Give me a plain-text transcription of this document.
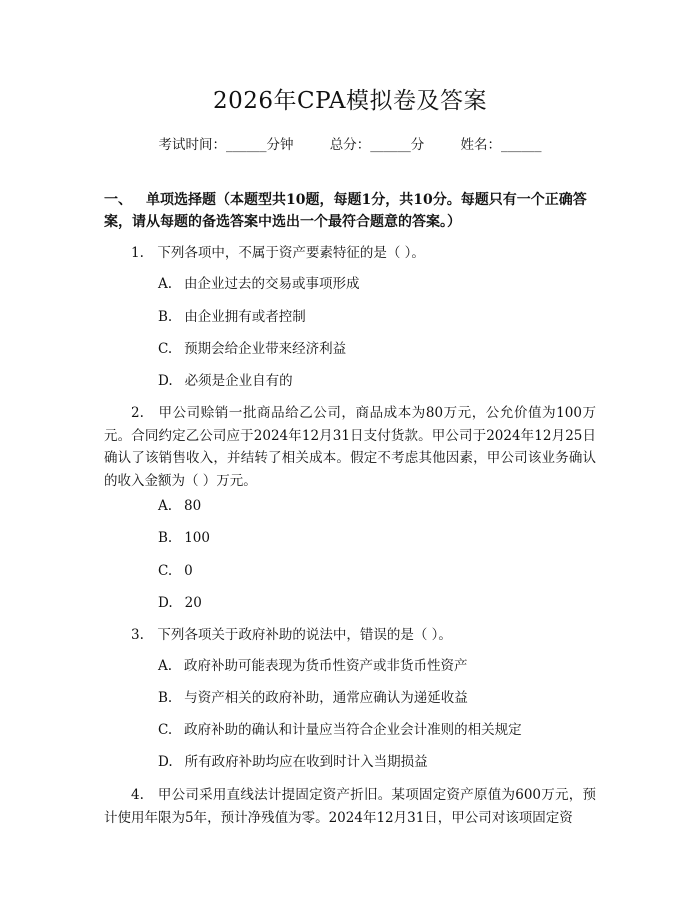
2026年CPA模拟卷及答案
考试时间：______分钟	总分：______分	姓名：______
一、 单项选择题（本题型共10题，每题1分，共10分。每题只有一个正确答案，请从每题的备选答案中选出一个最符合题意的答案。）
1.　下列各项中，不属于资产要素特征的是（ ）。
A. 由企业过去的交易或事项形成
B. 由企业拥有或者控制
C. 预期会给企业带来经济利益
D. 必须是企业自有的
2.　甲公司赊销一批商品给乙公司，商品成本为80万元，公允价值为100万元。合同约定乙公司应于2024年12月31日支付货款。甲公司于2024年12月25日确认了该销售收入，并结转了相关成本。假定不考虑其他因素，甲公司该业务确认的收入金额为（ ）万元。
A. 80
B. 100
C. 0
D. 20
3.　下列各项关于政府补助的说法中，错误的是（ ）。
A. 政府补助可能表现为货币性资产或非货币性资产
B. 与资产相关的政府补助，通常应确认为递延收益
C. 政府补助的确认和计量应当符合企业会计准则的相关规定
D. 所有政府补助均应在收到时计入当期损益
4.　甲公司采用直线法计提固定资产折旧。某项固定资产原值为600万元，预计使用年限为5年，预计净残值为零。2024年12月31日，甲公司对该项固定资
